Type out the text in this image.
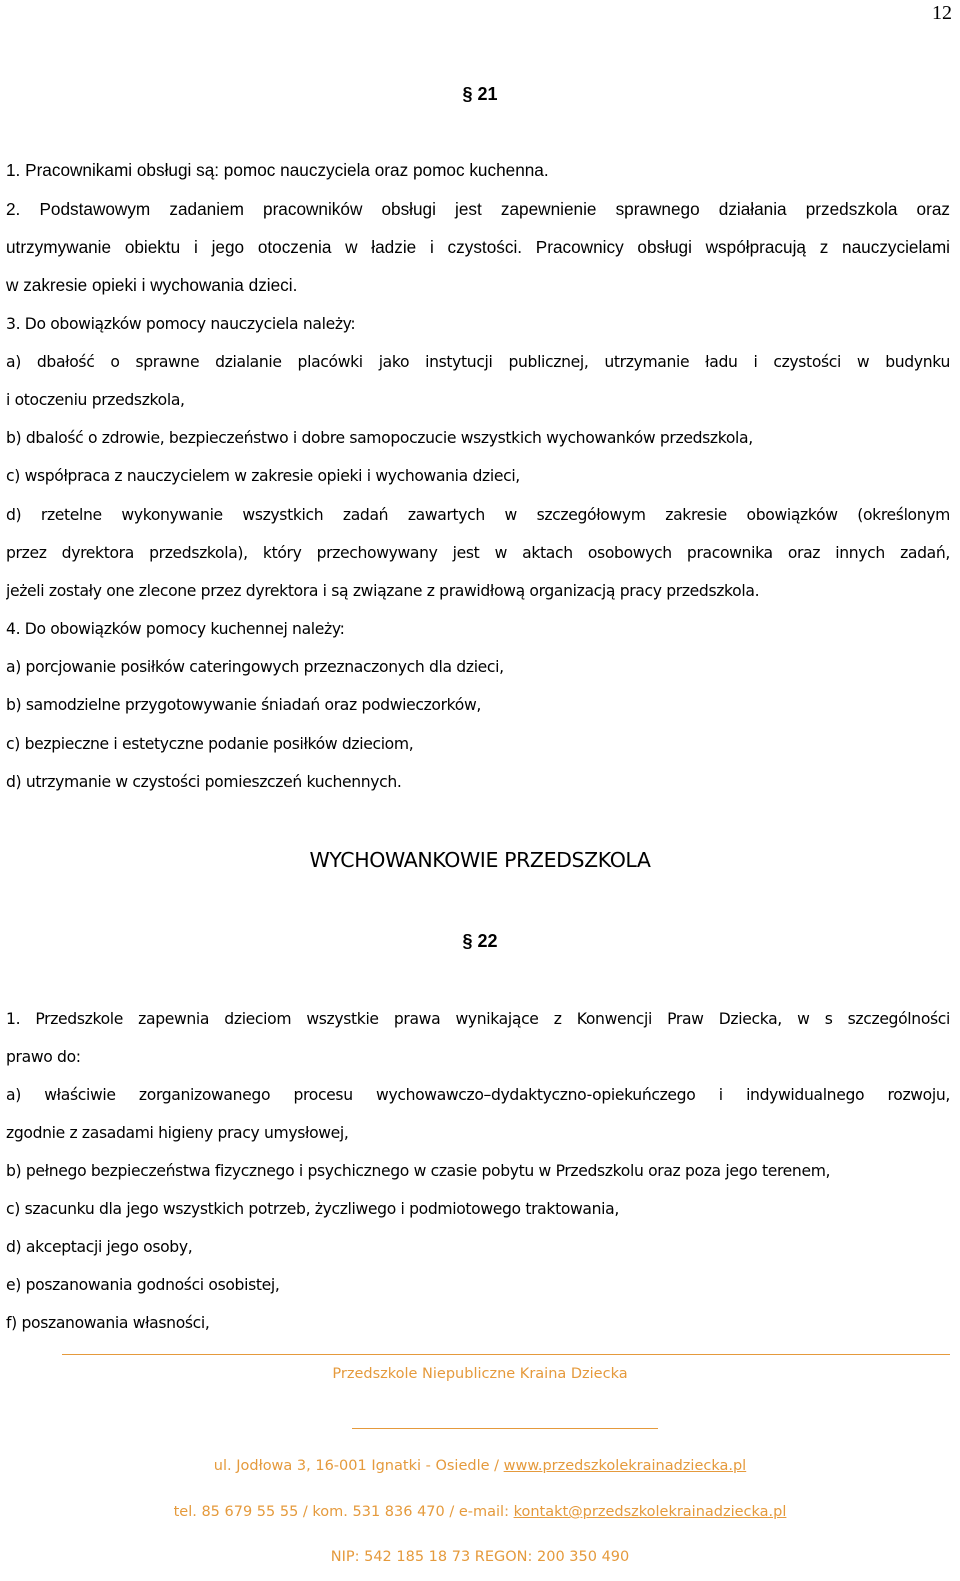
12
§ 21
1. Pracownikami obsługi są: pomoc nauczyciela oraz pomoc kuchenna.
2. Podstawowym zadaniem pracowników obsługi jest zapewnienie sprawnego działania przedszkola oraz
utrzymywanie obiektu i jego otoczenia w ładzie i czystości. Pracownicy obsługi współpracują z nauczycielami
w zakresie opieki i wychowania dzieci.
3. Do obowiązków pomocy nauczyciela należy:
a) dbałość o sprawne dzialanie placówki jako instytucji publicznej, utrzymanie ładu i czystości w budynku
i otoczeniu przedszkola,
b) dbalość o zdrowie, bezpieczeństwo i dobre samopoczucie wszystkich wychowanków przedszkola,
c) współpraca z nauczycielem w zakresie opieki i wychowania dzieci,
d) rzetelne wykonywanie wszystkich zadań zawartych w szczegółowym zakresie obowiązków (określonym
przez dyrektora przedszkola), który przechowywany jest w aktach osobowych pracownika oraz innych zadań,
jeżeli zostały one zlecone przez dyrektora i są związane z prawidłową organizacją pracy przedszkola.
4. Do obowiązków pomocy kuchennej należy:
a) porcjowanie posiłków cateringowych przeznaczonych dla dzieci,
b) samodzielne przygotowywanie śniadań oraz podwieczorków,
c) bezpieczne i estetyczne podanie posiłków dzieciom,
d) utrzymanie w czystości pomieszczeń kuchennych.
WYCHOWANKOWIE PRZEDSZKOLA
§ 22
1. Przedszkole zapewnia dzieciom wszystkie prawa wynikające z Konwencji Praw Dziecka, w s szczególności
prawo do:
a) właściwie zorganizowanego procesu wychowawczo–dydaktyczno-opiekuńczego i indywidualnego rozwoju,
zgodnie z zasadami higieny pracy umysłowej,
b) pełnego bezpieczeństwa fizycznego i psychicznego w czasie pobytu w Przedszkolu oraz poza jego terenem,
c) szacunku dla jego wszystkich potrzeb, życzliwego i podmiotowego traktowania,
d) akceptacji jego osoby,
e) poszanowania godności osobistej,
f) poszanowania własności,
Przedszkole Niepubliczne Kraina Dziecka
ul. Jodłowa 3, 16-001 Ignatki - Osiedle / www.przedszkolekrainadziecka.pl
tel. 85 679 55 55 / kom. 531 836 470 / e-mail: kontakt@przedszkolekrainadziecka.pl
NIP: 542 185 18 73 REGON: 200 350 490
